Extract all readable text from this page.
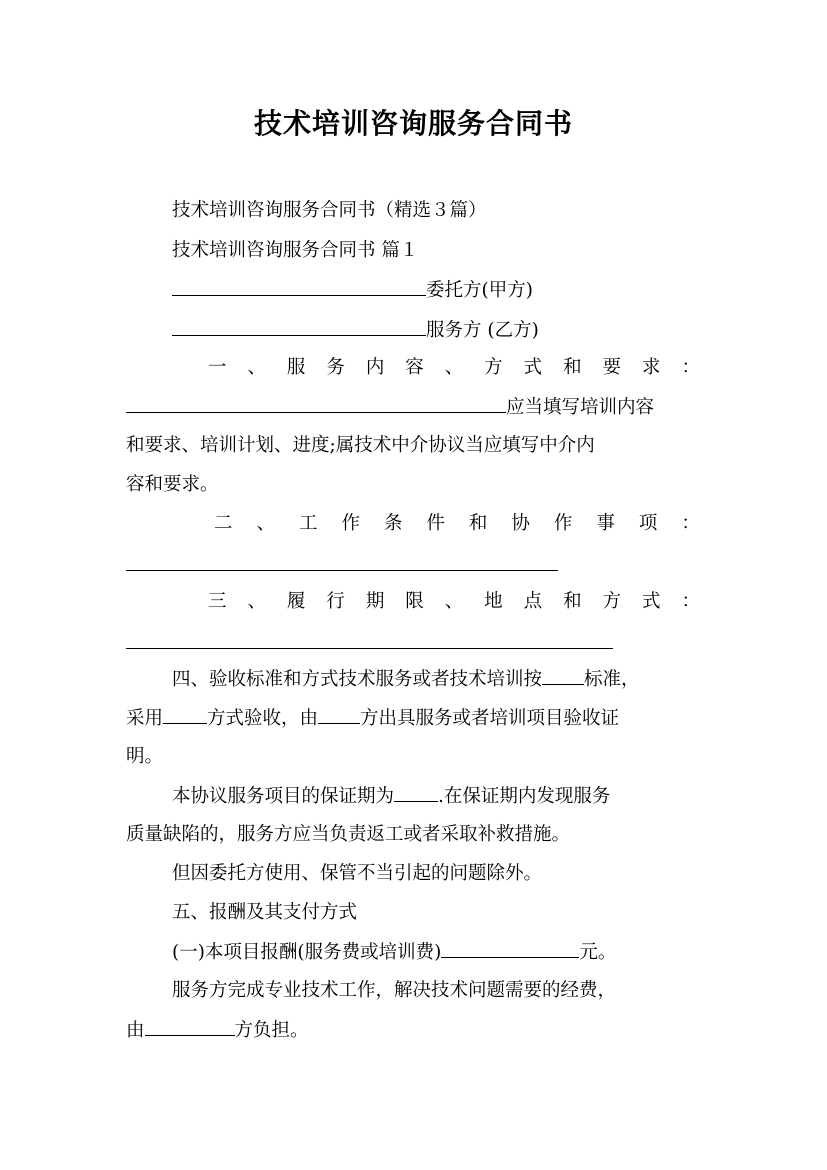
技术培训咨询服务合同书
技术培训咨询服务合同书（精选３篇）
技术培训咨询服务合同书 篇１
委托方(甲方)
服务方 (乙方)
一 、 服 务 内 容 、 方 式 和 要 求 ：
应当填写培训内容
和要求、培训计划、进度;属技术中介协议当应填写中介内
容和要求。
二 、 工 作 条 件 和 协 作 事 项 ：
三 、 履 行 期 限 、 地 点 和 方 式 ：
四、验收标准和方式技术服务或者技术培训按 标准，
采用 方式验收，由 方出具服务或者培训项目验收证
明。
本协议服务项目的保证期为 .在保证期内发现服务
质量缺陷的，服务方应当负责返工或者采取补救措施。
但因委托方使用、保管不当引起的问题除外。
五、报酬及其支付方式
(一)本项目报酬(服务费或培训费)	元。
服务方完成专业技术工作，解决技术问题需要的经费，
由	方负担。
